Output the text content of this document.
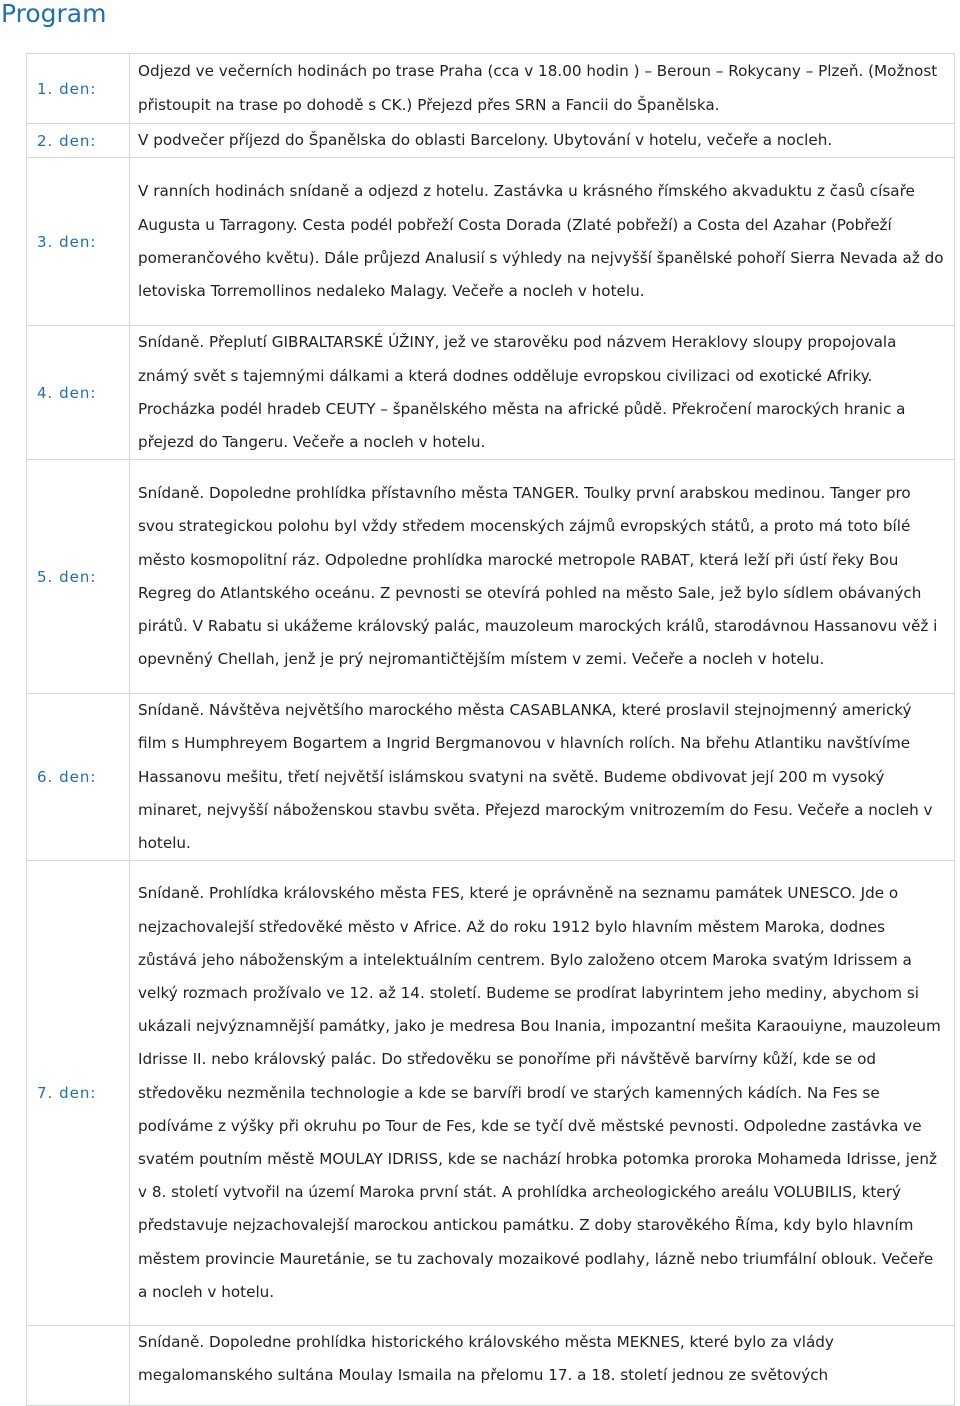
Program
1. den:	Odjezd ve večerních hodinách po trase Praha (cca v 18.00 hodin ) – Beroun – Rokycany – Plzeň. (Možnost přistoupit na trase po dohodě s CK.) Přejezd přes SRN a Fancii do Španělska.
2. den:	V podvečer příjezd do Španělska do oblasti Barcelony. Ubytování v hotelu, večeře a nocleh.
3. den:	V ranních hodinách snídaně a odjezd z hotelu. Zastávka u krásného římského akvaduktu z časů císaře Augusta u Tarragony. Cesta podél pobřeží Costa Dorada (Zlaté pobřeží) a Costa del Azahar (Pobřeží pomerančového květu). Dále průjezd Analusií s výhledy na nejvyšší španělské pohoří Sierra Nevada až do letoviska Torremollinos nedaleko Malagy. Večeře a nocleh v hotelu.
4. den:	Snídaně. Přeplutí GIBRALTARSKÉ ÚŽINY, jež ve starověku pod názvem Heraklovy sloupy propojovala známý svět s tajemnými dálkami a která dodnes odděluje evropskou civilizaci od exotické Afriky. Procházka podél hradeb CEUTY – španělského města na africké půdě. Překročení marockých hranic a přejezd do Tangeru. Večeře a nocleh v hotelu.
5. den:	Snídaně. Dopoledne prohlídka přístavního města TANGER. Toulky první arabskou medinou. Tanger pro svou strategickou polohu byl vždy středem mocenských zájmů evropských států, a proto má toto bílé město kosmopolitní ráz. Odpoledne prohlídka marocké metropole RABAT, která leží při ústí řeky Bou Regreg do Atlantského oceánu. Z pevnosti se otevírá pohled na město Sale, jež bylo sídlem obávaných pirátů. V Rabatu si ukážeme královský palác, mauzoleum marockých králů, starodávnou Hassanovu věž i opevněný Chellah, jenž je prý nejromantičtějším místem v zemi. Večeře a nocleh v hotelu.
6. den:	Snídaně. Návštěva největšího marockého města CASABLANKA, které proslavil stejnojmenný americký film s Humphreyem Bogartem a Ingrid Bergmanovou v hlavních rolích. Na břehu Atlantiku navštívíme Hassanovu mešitu, třetí největší islámskou svatyni na světě. Budeme obdivovat její 200 m vysoký minaret, nejvyšší náboženskou stavbu světa. Přejezd marockým vnitrozemím do Fesu. Večeře a nocleh v hotelu.
7. den:	Snídaně. Prohlídka královského města FES, které je oprávněně na seznamu památek UNESCO. Jde o nejzachovalejší středověké město v Africe. Až do roku 1912 bylo hlavním městem Maroka, dodnes zůstává jeho náboženským a intelektuálním centrem. Bylo založeno otcem Maroka svatým Idrissem a velký rozmach prožívalo ve 12. až 14. století. Budeme se prodírat labyrintem jeho mediny, abychom si ukázali nejvýznamnější památky, jako je medresa Bou Inania, impozantní mešita Karaouiyne, mauzoleum Idrisse II. nebo královský palác. Do středověku se ponoříme při návštěvě barvírny kůží, kde se od středověku nezměnila technologie a kde se barvíři brodí ve starých kamenných kádích. Na Fes se podíváme z výšky při okruhu po Tour de Fes, kde se tyčí dvě městské pevnosti. Odpoledne zastávka ve svatém poutním městě MOULAY IDRISS, kde se nachází hrobka potomka proroka Mohameda Idrisse, jenž v 8. století vytvořil na území Maroka první stát. A prohlídka archeologického areálu VOLUBILIS, který představuje nejzachovalejší marockou antickou památku. Z doby starověkého Říma, kdy bylo hlavním městem provincie Mauretánie, se tu zachovaly mozaikové podlahy, lázně nebo triumfální oblouk. Večeře a nocleh v hotelu.
	Snídaně. Dopoledne prohlídka historického královského města MEKNES, které bylo za vlády megalomanského sultána Moulay Ismaila na přelomu 17. a 18. století jednou ze světových
